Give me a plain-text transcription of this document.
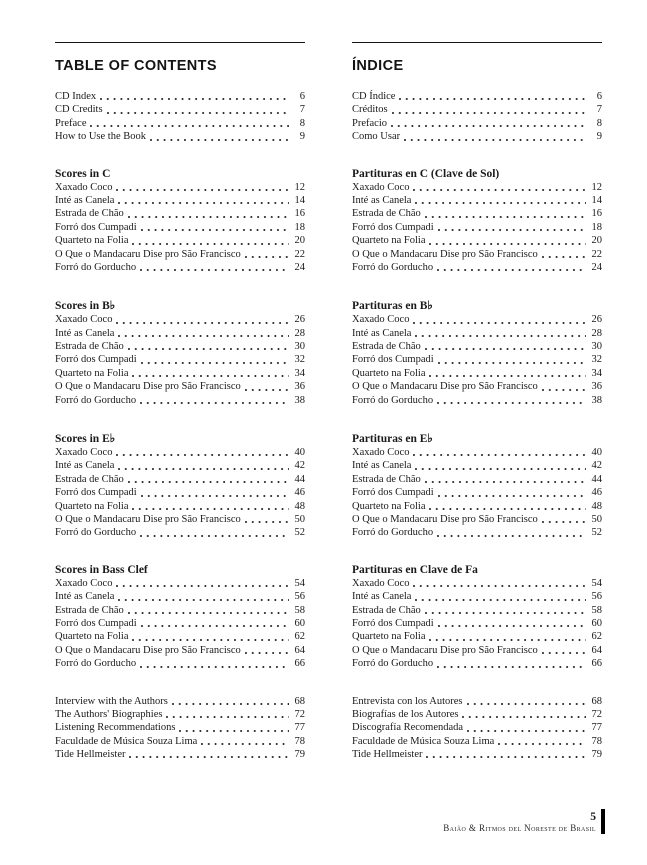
TABLE OF CONTENTS
CD Index	6
CD Credits	7
Preface	8
How to Use the Book	9
Scores in C
Xaxado Coco	12
Inté as Canela	14
Estrada de Chão	16
Forró dos Cumpadi	18
Quarteto na Folia	20
O Que o Mandacaru Dise pro São Francisco	22
Forró do Gorducho	24
Scores in B♭
Xaxado Coco	26
Inté as Canela	28
Estrada de Chão	30
Forró dos Cumpadi	32
Quarteto na Folia	34
O Que o Mandacaru Dise pro São Francisco	36
Forró do Gorducho	38
Scores in E♭
Xaxado Coco	40
Inté as Canela	42
Estrada de Chão	44
Forró dos Cumpadi	46
Quarteto na Folia	48
O Que o Mandacaru Dise pro São Francisco	50
Forró do Gorducho	52
Scores in Bass Clef
Xaxado Coco	54
Inté as Canela	56
Estrada de Chão	58
Forró dos Cumpadi	60
Quarteto na Folia	62
O Que o Mandacaru Dise pro São Francisco	64
Forró do Gorducho	66
Interview with the Authors	68
The Authors' Biographies	72
Listening Recommendations	77
Faculdade de Música Souza Lima	78
Tide Hellmeister	79
ÍNDICE
CD Índice	6
Créditos	7
Prefacio	8
Como Usar	9
Partituras en C (Clave de Sol)
Xaxado Coco	12
Inté as Canela	14
Estrada de Chão	16
Forró dos Cumpadi	18
Quarteto na Folia	20
O Que o Mandacaru Dise pro São Francisco	22
Forró do Gorducho	24
Partituras en B♭
Xaxado Coco	26
Inté as Canela	28
Estrada de Chão	30
Forró dos Cumpadi	32
Quarteto na Folia	34
O Que o Mandacaru Dise pro São Francisco	36
Forró do Gorducho	38
Partituras en E♭
Xaxado Coco	40
Inté as Canela	42
Estrada de Chão	44
Forró dos Cumpadi	46
Quarteto na Folia	48
O Que o Mandacaru Dise pro São Francisco	50
Forró do Gorducho	52
Partituras en Clave de Fa
Xaxado Coco	54
Inté as Canela	56
Estrada de Chão	58
Forró dos Cumpadi	60
Quarteto na Folia	62
O Que o Mandacaru Dise pro São Francisco	64
Forró do Gorducho	66
Entrevista con los Autores	68
Biografías de los Autores	72
Discografía Recomendada	77
Faculdade de Música Souza Lima	78
Tide Hellmeister	79
5
Baião & Ritmos del Noreste de Brasil
